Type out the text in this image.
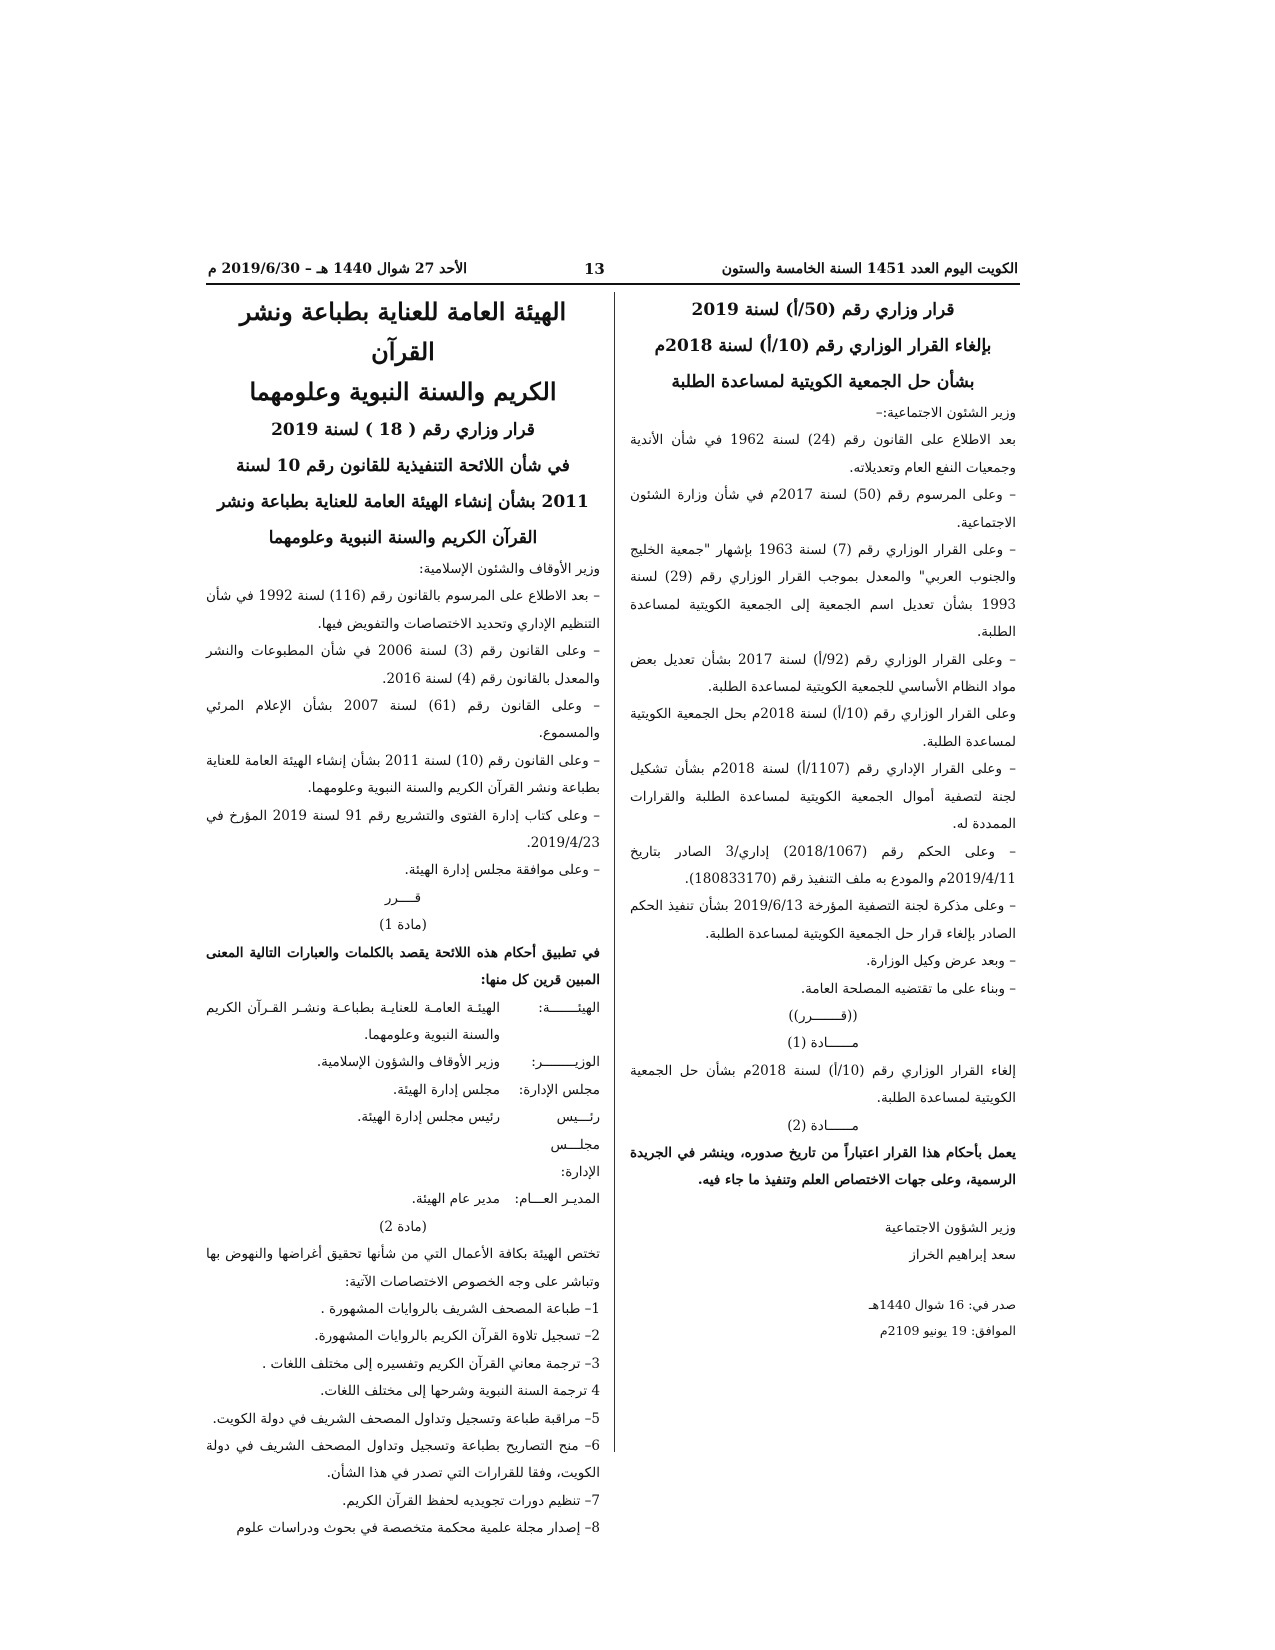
الكويت اليوم العدد 1451 السنة الخامسة والستون
13
الأحد 27 شوال 1440 هـ – 2019/6/30 م

قرار وزاري رقم (50/أ) لسنة 2019

بإلغاء القرار الوزاري رقم (10/أ) لسنة 2018م

بشأن حل الجمعية الكويتية لمساعدة الطلبة

وزير الشئون الاجتماعية:–

بعد الاطلاع على القانون رقم (24) لسنة 1962 في شأن الأندية وجمعيات النفع العام وتعديلاته.

– وعلى المرسوم رقم (50) لسنة 2017م في شأن وزارة الشئون الاجتماعية.

– وعلى القرار الوزاري رقم (7) لسنة 1963 بإشهار "جمعية الخليج والجنوب العربي" والمعدل بموجب القرار الوزاري رقم (29) لسنة 1993 بشأن تعديل اسم الجمعية إلى الجمعية الكويتية لمساعدة الطلبة.

– وعلى القرار الوزاري رقم (92/أ) لسنة 2017 بشأن تعديل بعض مواد النظام الأساسي للجمعية الكويتية لمساعدة الطلبة.

وعلى القرار الوزاري رقم (10/أ) لسنة 2018م بحل الجمعية الكويتية لمساعدة الطلبة.

– وعلى القرار الإداري رقم (1107/أ) لسنة 2018م بشأن تشكيل لجنة لتصفية أموال الجمعية الكويتية لمساعدة الطلبة والقرارات الممددة له.

– وعلى الحكم رقم (2018/1067) إداري/3 الصادر بتاريخ 2019/4/11م والمودع به ملف التنفيذ رقم (180833170).

– وعلى مذكرة لجنة التصفية المؤرخة 2019/6/13 بشأن تنفيذ الحكم الصادر بإلغاء قرار حل الجمعية الكويتية لمساعدة الطلبة.

– وبعد عرض وكيل الوزارة.

– وبناء على ما تقتضيه المصلحة العامة.

((قـــــــرر))

مــــــادة (1)

إلغاء القرار الوزاري رقم (10/أ) لسنة 2018م بشأن حل الجمعية الكويتية لمساعدة الطلبة.

مــــــادة (2)

يعمل بأحكام هذا القرار اعتباراً من تاريخ صدوره، وينشر في الجريدة الرسمية، وعلى جهات الاختصاص العلم وتنفيذ ما جاء فيه.

وزير الشؤون الاجتماعية

سعد إبراهيم الخراز

صدر في: 16 شوال 1440هـ

الموافق: 19 يونيو 2109م

الهيئة العامة للعناية بطباعة ونشر القرآن

الكريم والسنة النبوية وعلومهما

قرار وزاري رقم ( 18 ) لسنة 2019

في شأن اللائحة التنفيذية للقانون رقم 10 لسنة

2011 بشأن إنشاء الهيئة العامة للعناية بطباعة ونشر

القرآن الكريم والسنة النبوية وعلومهما

وزير الأوقاف والشئون الإسلامية:

– بعد الاطلاع على المرسوم بالقانون رقم (116) لسنة 1992 في شأن التنظيم الإداري وتحديد الاختصاصات والتفويض فيها.

– وعلى القانون رقم (3) لسنة 2006 في شأن المطبوعات والنشر والمعدل بالقانون رقم (4) لسنة 2016.

– وعلى القانون رقم (61) لسنة 2007 بشأن الإعلام المرئي والمسموع.

– وعلى القانون رقم (10) لسنة 2011 بشأن إنشاء الهيئة العامة للعناية بطباعة ونشر القرآن الكريم والسنة النبوية وعلومهما.

– وعلى كتاب إدارة الفتوى والتشريع رقم 91 لسنة 2019 المؤرخ في 2019/4/23.

– وعلى موافقة مجلس إدارة الهيئة.

قــــرر

(مادة 1)

في تطبيق أحكام هذه اللائحة يقصد بالكلمات والعبارات التالية المعنى المبين قرين كل منها:

الهيئـــــــة:
الهيئـة العامـة للعنايـة بطباعـة ونشـر القـرآن الكريم والسنة النبوية وعلومهما.
الوزيــــــــر:
وزير الأوقاف والشؤون الإسلامية.
مجلس الإدارة:
مجلس إدارة الهيئة.
رئـــيس مجلـــس الإدارة:
رئيس مجلس إدارة الهيئة.
المديـر العـــام:
مدير عام الهيئة.

(مادة 2)

تختص الهيئة بكافة الأعمال التي من شأنها تحقيق أغراضها والنهوض بها وتباشر على وجه الخصوص الاختصاصات الآتية:

1– طباعة المصحف الشريف بالروايات المشهورة .

2– تسجيل تلاوة القرآن الكريم بالروايات المشهورة.

3– ترجمة معاني القرآن الكريم وتفسيره إلى مختلف اللغات .

4 ترجمة السنة النبوية وشرحها إلى مختلف اللغات.

5– مراقبة طباعة وتسجيل وتداول المصحف الشريف في دولة الكويت.

6– منح التصاريح بطباعة وتسجيل وتداول المصحف الشريف في دولة الكويت، وفقا للقرارات التي تصدر في هذا الشأن.

7– تنظيم دورات تجويديه لحفظ القرآن الكريم.

8– إصدار مجلة علمية محكمة متخصصة في بحوث ودراسات علوم
